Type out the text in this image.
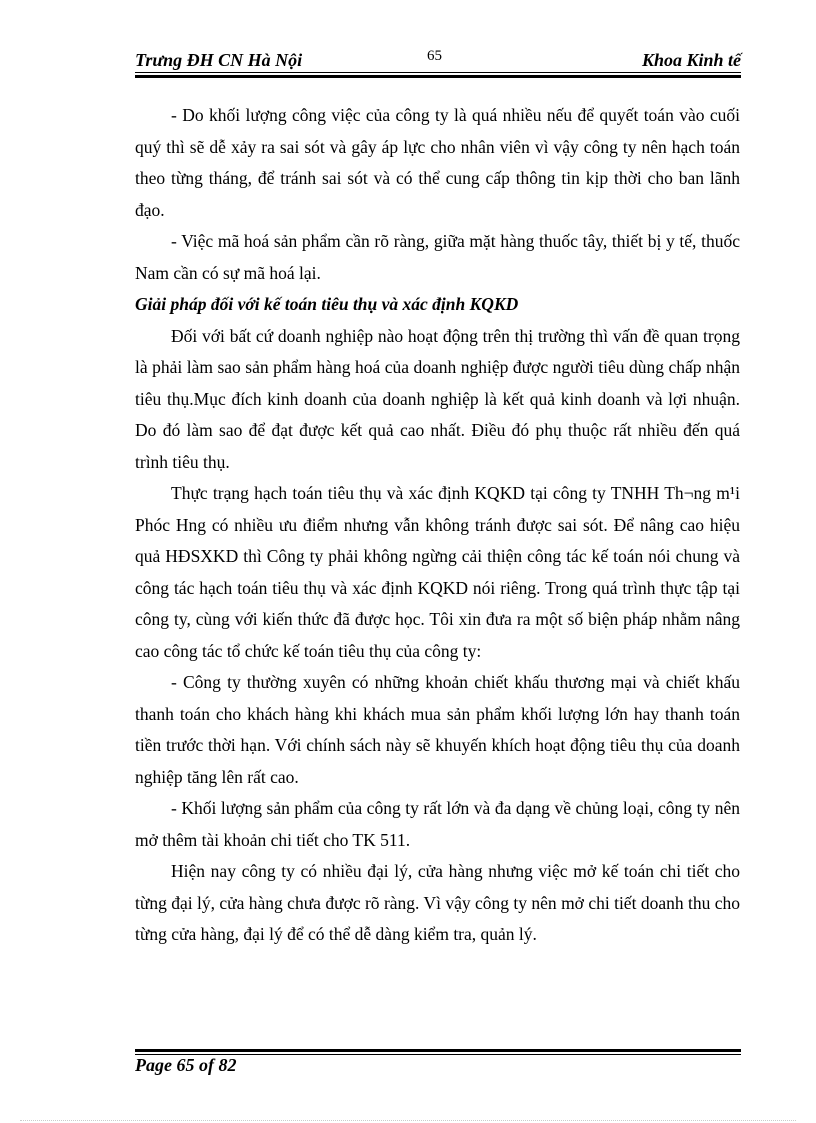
Trưng ĐH CN Hà Nội	65	Khoa Kinh tế

- Do khối lượng công việc của công ty là quá nhiều nếu để quyết toán vào cuối quý thì sẽ dễ xảy ra sai sót và gây áp lực cho nhân viên vì vậy công ty nên hạch toán theo từng tháng, để tránh sai sót và có thể cung cấp thông tin kịp thời cho ban lãnh đạo.

- Việc mã hoá sản phẩm cần rõ ràng, giữa mặt hàng thuốc tây, thiết bị y tế, thuốc Nam cần có sự mã hoá lại.

Giải pháp đối với kế toán tiêu thụ và xác định KQKD

Đối với bất cứ doanh nghiệp nào hoạt động trên thị trường thì vấn đề quan trọng là phải làm sao sản phẩm hàng hoá của doanh nghiệp được người tiêu dùng chấp nhận tiêu thụ.Mục đích kinh doanh của doanh nghiệp là kết quả kinh doanh và lợi nhuận. Do đó làm sao để đạt được kết quả cao nhất. Điều đó phụ thuộc rất nhiều đến quá trình tiêu thụ.

Thực trạng hạch toán tiêu thụ và xác định KQKD tại công ty TNHH Th¬ng m¹i Phóc Hng có nhiều ưu điểm nhưng vẫn không tránh được sai sót. Để nâng cao hiệu quả HĐSXKD thì Công ty phải không ngừng cải thiện công tác kế toán nói chung và công tác hạch toán tiêu thụ và xác định KQKD nói riêng. Trong quá trình thực tập tại công ty, cùng với kiến thức đã được học. Tôi xin đưa ra một số biện pháp nhằm nâng cao công tác tổ chức kế toán tiêu thụ của công ty:

- Công ty thường xuyên có những khoản chiết khấu thương mại và chiết khấu thanh toán cho khách hàng khi khách mua sản phẩm khối lượng lớn hay thanh toán tiền trước thời hạn. Với chính sách này sẽ khuyến khích hoạt động tiêu thụ của doanh nghiệp tăng lên rất cao.

- Khối lượng sản phẩm của công ty rất lớn và đa dạng về chủng loại, công ty nên mở thêm tài khoản chi tiết cho TK 511.

Hiện nay công ty có nhiều đại lý, cửa hàng nhưng việc mở kế toán chi tiết cho từng đại lý, cửa hàng chưa được rõ ràng. Vì vậy công ty nên mở chi tiết doanh thu cho từng cửa hàng, đại lý để có thể dễ dàng kiểm tra, quản lý.

Page 65 of 82
